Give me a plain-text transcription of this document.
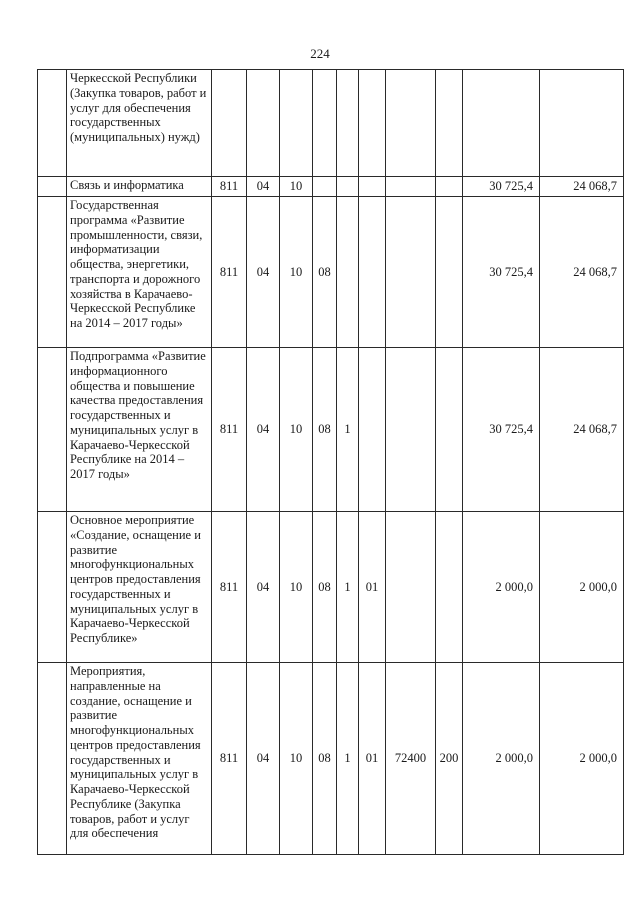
224
	Черкесской Республики (Закупка товаров, работ и услуг для обеспечения государственных (муниципальных) нужд)										
	Связь и информатика	811	04	10						30 725,4	24 068,7
	Государственная программа «Развитие промышленности, связи, информатизации общества, энергетики, транспорта и дорожного хозяйства в Карачаево-Черкесской Республике на 2014 – 2017 годы»	811	04	10	08					30 725,4	24 068,7
	Подпрограмма «Развитие информационного общества и повышение качества предоставления государственных и муниципальных услуг в Карачаево-Черкесской Республике на 2014 – 2017 годы»	811	04	10	08	1				30 725,4	24 068,7
	Основное мероприятие «Создание, оснащение и развитие многофункциональных центров предоставления государственных и муниципальных услуг в Карачаево-Черкесской Республике»	811	04	10	08	1	01			2 000,0	2 000,0
	Мероприятия, направленные на создание, оснащение и развитие многофункциональных центров предоставления государственных и муниципальных услуг в Карачаево-Черкесской Республике (Закупка товаров, работ и услуг для обеспечения	811	04	10	08	1	01	72400	200	2 000,0	2 000,0
